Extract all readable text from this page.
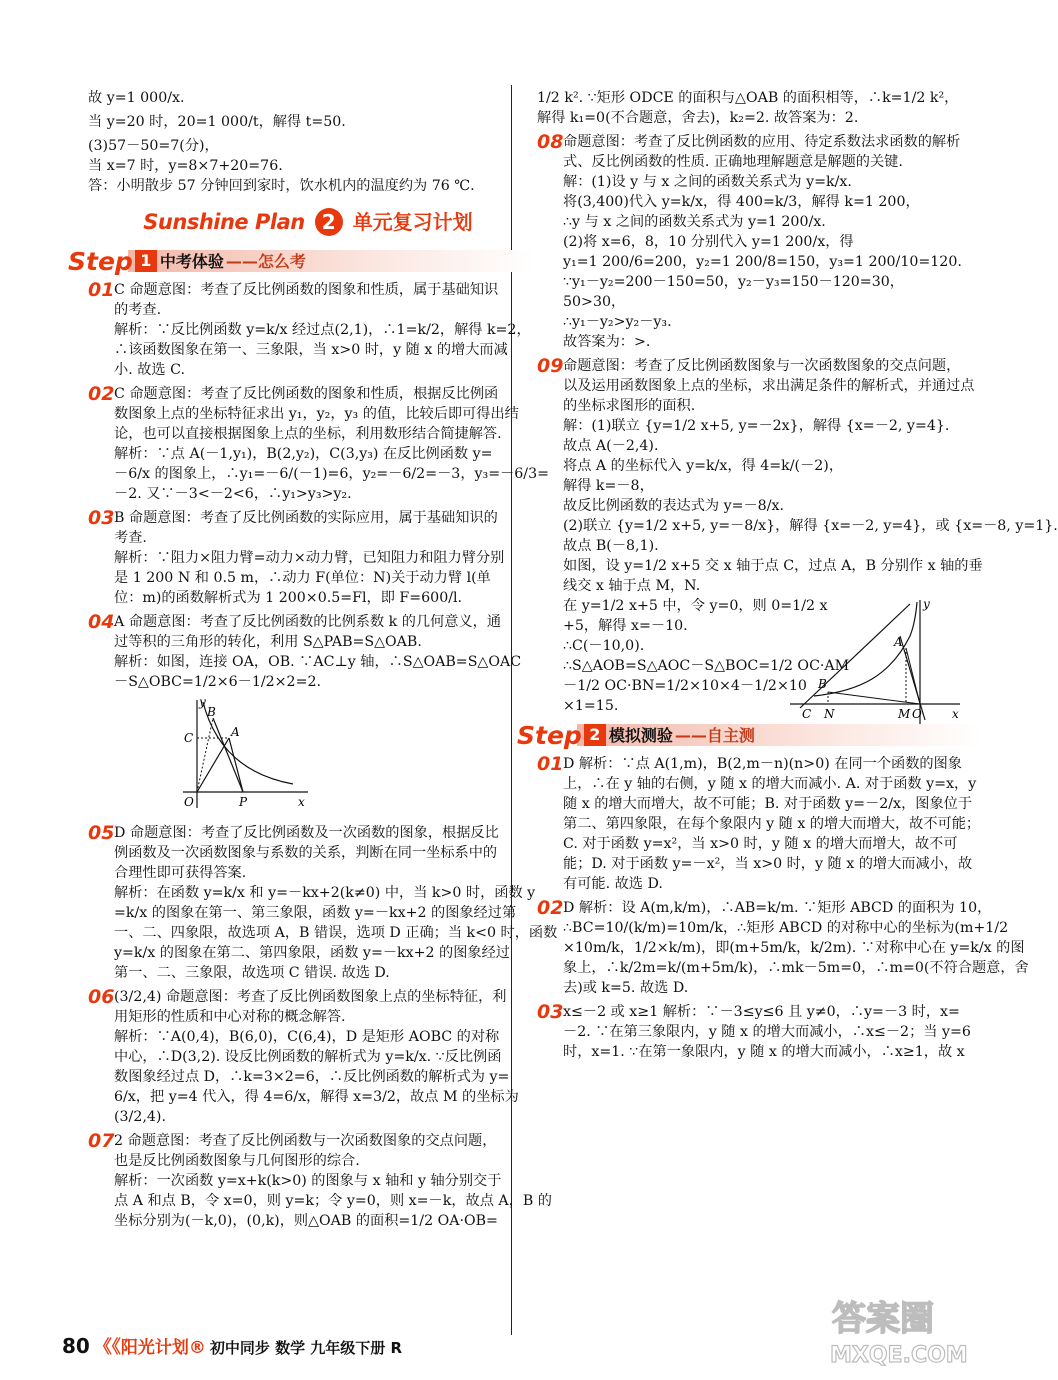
故 y=1 000/x.
当 y=20 时，20=1 000/t，解得 t=50.
(3)57－50=7(分)，
当 x=7 时，y=8×7+20=76.
答：小明散步 57 分钟回到家时，饮水机内的温度约为 76 ℃.
Sunshine Plan 2 单元复习计划
Step 1 中考体验 ——怎么考
01 C 命题意图：考查了反比例函数的图象和性质，属于基础知识
的考查.
解析：∵反比例函数 y=k/x 经过点(2,1)，∴1=k/2，解得 k=2，
∴该函数图象在第一、三象限，当 x>0 时，y 随 x 的增大而减
小. 故选 C.
02 C 命题意图：考查了反比例函数的图象和性质，根据反比例函
数图象上点的坐标特征求出 y₁，y₂，y₃ 的值，比较后即可得出结
论，也可以直接根据图象上点的坐标，利用数形结合简捷解答.
解析：∵点 A(－1,y₁)，B(2,y₂)，C(3,y₃) 在反比例函数 y=
－6/x 的图象上，∴y₁=－6/(－1)=6，y₂=－6/2=－3，y₃=－6/3=
－2. 又∵－3<－2<6，∴y₁>y₃>y₂.
03 B 命题意图：考查了反比例函数的实际应用，属于基础知识的
考查.
解析：∵阻力×阻力臂=动力×动力臂，已知阻力和阻力臂分别
是 1 200 N 和 0.5 m，∴动力 F(单位：N)关于动力臂 l(单
位：m)的函数解析式为 1 200×0.5=Fl，即 F=600/l.
04 A 命题意图：考查了反比例函数的比例系数 k 的几何意义，通
过等积的三角形的转化，利用 S△PAB=S△OAB.
解析：如图，连接 OA，OB. ∵AC⊥y 轴，∴S△OAB=S△OAC
－S△OBC=1/2×6－1/2×2=2.
y
C
B
A
O	P	x
05 D 命题意图：考查了反比例函数及一次函数的图象，根据反比
例函数及一次函数图象与系数的关系，判断在同一坐标系中的
合理性即可获得答案.
解析：在函数 y=k/x 和 y=－kx+2(k≠0) 中，当 k>0 时，函数 y
=k/x 的图象在第一、第三象限，函数 y=－kx+2 的图象经过第
一、二、四象限，故选项 A，B 错误，选项 D 正确；当 k<0 时，函数
y=k/x 的图象在第二、第四象限，函数 y=－kx+2 的图象经过
第一、二、三象限，故选项 C 错误. 故选 D.
06 (3/2,4) 命题意图：考查了反比例函数图象上点的坐标特征，利
用矩形的性质和中心对称的概念解答.
解析：∵A(0,4)，B(6,0)，C(6,4)，D 是矩形 AOBC 的对称
中心，∴D(3,2). 设反比例函数的解析式为 y=k/x. ∵反比例函
数图象经过点 D，∴k=3×2=6，∴反比例函数的解析式为 y=
6/x，把 y=4 代入，得 4=6/x，解得 x=3/2，故点 M 的坐标为
(3/2,4).
07 2 命题意图：考查了反比例函数与一次函数图象的交点问题，
也是反比例函数图象与几何图形的综合.
解析：一次函数 y=x+k(k>0) 的图象与 x 轴和 y 轴分别交于
点 A 和点 B，令 x=0，则 y=k；令 y=0，则 x=－k，故点 A，B 的
坐标分别为(－k,0)，(0,k)，则△OAB 的面积=1/2 OA·OB=
1/2 k². ∵矩形 ODCE 的面积与△OAB 的面积相等，∴k=1/2 k²，
解得 k₁=0(不合题意，舍去)，k₂=2. 故答案为：2.
08 命题意图：考查了反比例函数的应用、待定系数法求函数的解析
式、反比例函数的性质. 正确地理解题意是解题的关键.
解：(1)设 y 与 x 之间的函数关系式为 y=k/x.
将(3,400)代入 y=k/x，得 400=k/3，解得 k=1 200，
∴y 与 x 之间的函数关系式为 y=1 200/x.
(2)将 x=6，8，10 分别代入 y=1 200/x，得
y₁=1 200/6=200，y₂=1 200/8=150，y₃=1 200/10=120.
∵y₁－y₂=200－150=50，y₂－y₃=150－120=30，
50>30，
∴y₁－y₂>y₂－y₃.
故答案为：>.
09 命题意图：考查了反比例函数图象与一次函数图象的交点问题，
以及运用函数图象上点的坐标，求出满足条件的解析式，并通过点
的坐标求图形的面积.
解：(1)联立 {y=1/2 x+5, y=－2x}，解得 {x=－2, y=4}.
故点 A(－2,4).
将点 A 的坐标代入 y=k/x，得 4=k/(－2)，
解得 k=－8，
故反比例函数的表达式为 y=－8/x.
(2)联立 {y=1/2 x+5, y=－8/x}，解得 {x=－2, y=4}，或 {x=－8, y=1}.
故点 B(－8,1).
如图，设 y=1/2 x+5 交 x 轴于点 C，过点 A，B 分别作 x 轴的垂
线交 x 轴于点 M，N.
在 y=1/2 x+5 中，令 y=0，则 0=1/2 x
+5，解得 x=－10.
∴C(－10,0).
∴S△AOB=S△AOC－S△BOC=1/2 OC·AM
－1/2 OC·BN=1/2×10×4－1/2×10
×1=15.
y
A
B
C N	M O	x
Step 2 模拟测验 ——自主测
01 D 解析：∵点 A(1,m)，B(2,m－n)(n>0) 在同一个函数的图象
上，∴在 y 轴的右侧，y 随 x 的增大而减小. A. 对于函数 y=x，y
随 x 的增大而增大，故不可能；B. 对于函数 y=－2/x，图象位于
第二、第四象限，在每个象限内 y 随 x 的增大而增大，故不可能；
C. 对于函数 y=x²，当 x>0 时，y 随 x 的增大而增大，故不可
能；D. 对于函数 y=－x²，当 x>0 时，y 随 x 的增大而减小，故
有可能. 故选 D.
02 D 解析：设 A(m,k/m)，∴AB=k/m. ∵矩形 ABCD 的面积为 10，
∴BC=10/(k/m)=10m/k，∴矩形 ABCD 的对称中心的坐标为(m+1/2
×10m/k，1/2×k/m)，即(m+5m/k，k/2m). ∵对称中心在 y=k/x 的图
象上，∴k/2m=k/(m+5m/k)，∴mk－5m=0，∴m=0(不符合题意，舍
去)或 k=5. 故选 D.
03 x≤－2 或 x≥1 解析：∵－3≤y≤6 且 y≠0，∴y=－3 时，x=
－2. ∵在第三象限内，y 随 x 的增大而减小，∴x≤－2；当 y=6
时，x=1. ∵在第一象限内，y 随 x 的增大而减小，∴x≥1，故 x
80 《《 阳光计划® 初中同步 数学 九年级下册 R
答案圈
MXQE.COM
